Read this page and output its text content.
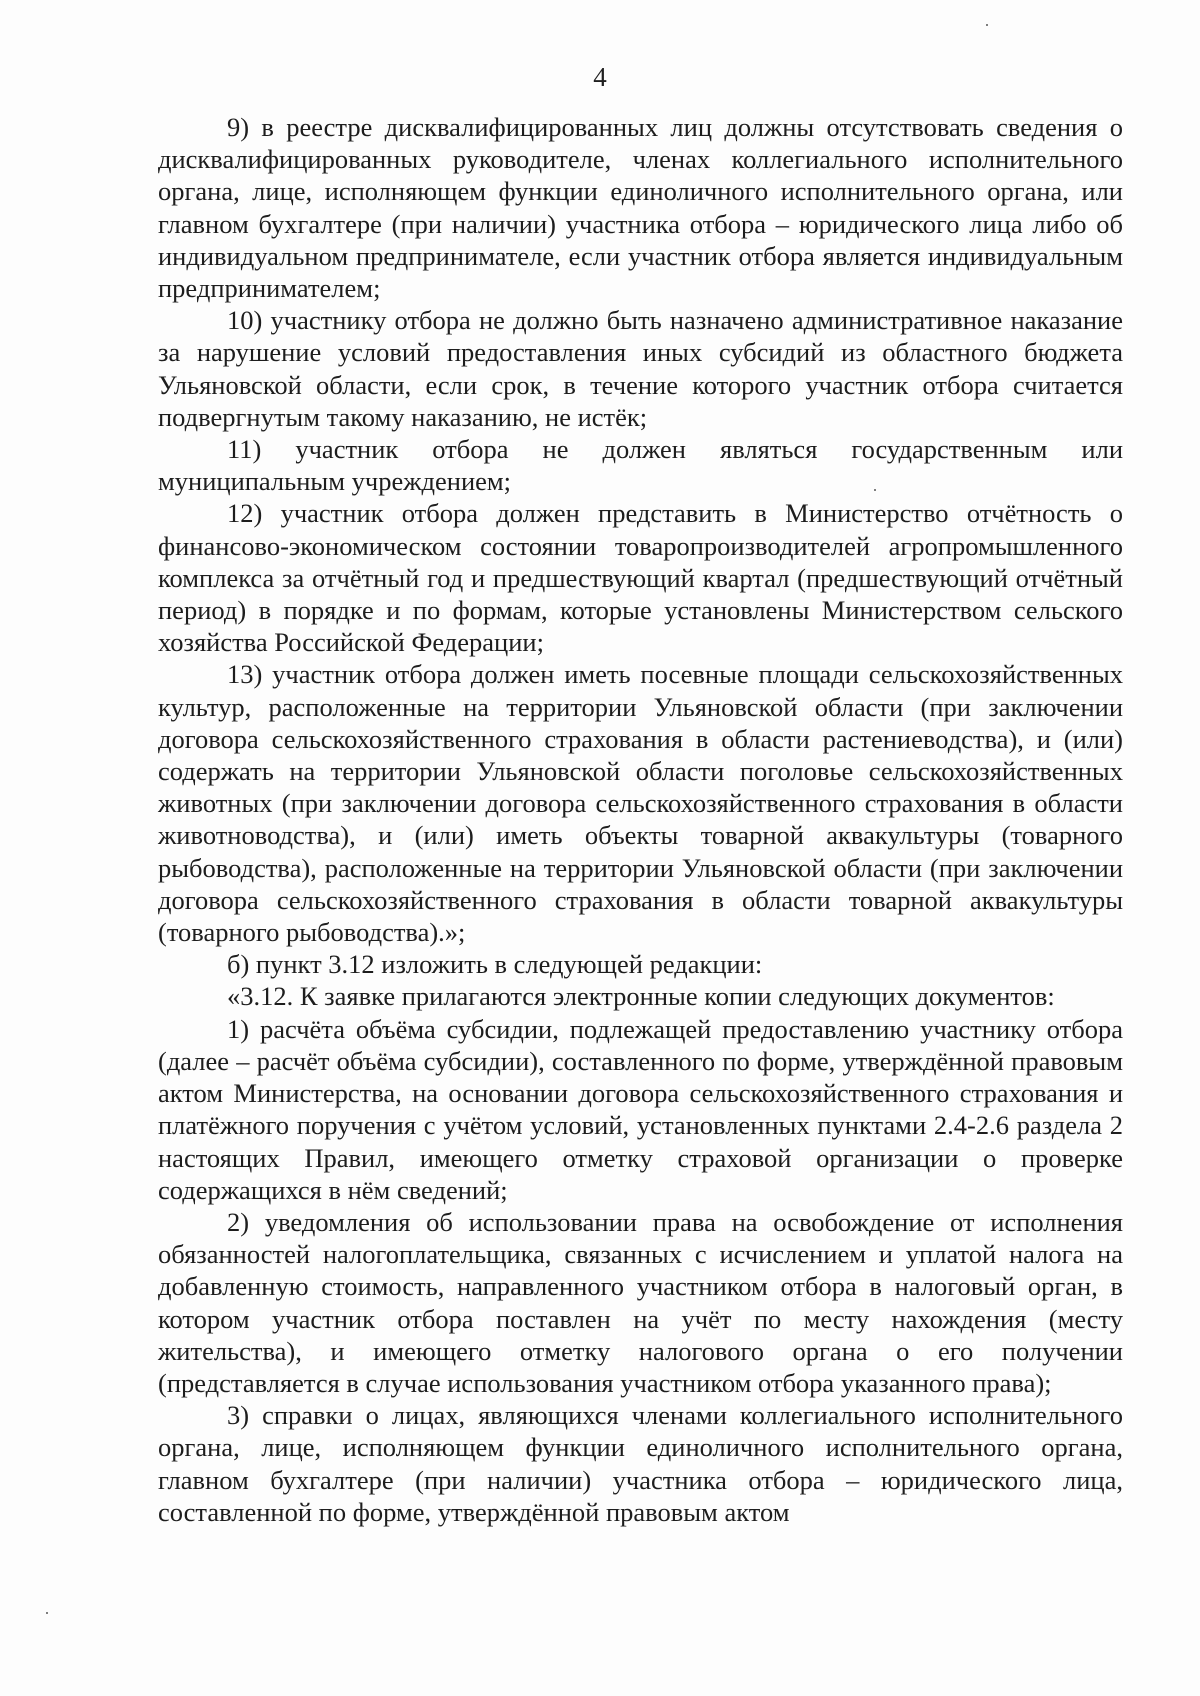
4

9) в реестре дисквалифицированных лиц должны отсутствовать сведения о дисквалифицированных руководителе, членах коллегиального исполнительного органа, лице, исполняющем функции единоличного исполнительного органа, или главном бухгалтере (при наличии) участника отбора – юридического лица либо об индивидуальном предпринимателе, если участник отбора является индивидуальным предпринимателем;

10) участнику отбора не должно быть назначено административное наказание за нарушение условий предоставления иных субсидий из областного бюджета Ульяновской области, если срок, в течение которого участник отбора считается подвергнутым такому наказанию, не истёк;

11) участник отбора не должен являться государственным или муниципальным учреждением;

12) участник отбора должен представить в Министерство отчётность о финансово-экономическом состоянии товаропроизводителей агропромышленного комплекса за отчётный год и предшествующий квартал (предшествующий отчётный период) в порядке и по формам, которые установлены Министерством сельского хозяйства Российской Федерации;

13) участник отбора должен иметь посевные площади сельскохозяйственных культур, расположенные на территории Ульяновской области (при заключении договора сельскохозяйственного страхования в области растениеводства), и (или) содержать на территории Ульяновской области поголовье сельскохозяйственных животных (при заключении договора сельскохозяйственного страхования в области животноводства), и (или) иметь объекты товарной аквакультуры (товарного рыбоводства), расположенные на территории Ульяновской области (при заключении договора сельскохозяйственного страхования в области товарной аквакультуры (товарного рыбоводства).»;

б) пункт 3.12 изложить в следующей редакции:

«3.12. К заявке прилагаются электронные копии следующих документов:

1) расчёта объёма субсидии, подлежащей предоставлению участнику отбора (далее – расчёт объёма субсидии), составленного по форме, утверждённой правовым актом Министерства, на основании договора сельскохозяйственного страхования и платёжного поручения с учётом условий, установленных пунктами 2.4-2.6 раздела 2 настоящих Правил, имеющего отметку страховой организации о проверке содержащихся в нём сведений;

2) уведомления об использовании права на освобождение от исполнения обязанностей налогоплательщика, связанных с исчислением и уплатой налога на добавленную стоимость, направленного участником отбора в налоговый орган, в котором участник отбора поставлен на учёт по месту нахождения (месту жительства), и имеющего отметку налогового органа о его получении (представляется в случае использования участником отбора указанного права);

3) справки о лицах, являющихся членами коллегиального исполнительного органа, лице, исполняющем функции единоличного исполнительного органа, главном бухгалтере (при наличии) участника отбора – юридического лица, составленной по форме, утверждённой правовым актом
